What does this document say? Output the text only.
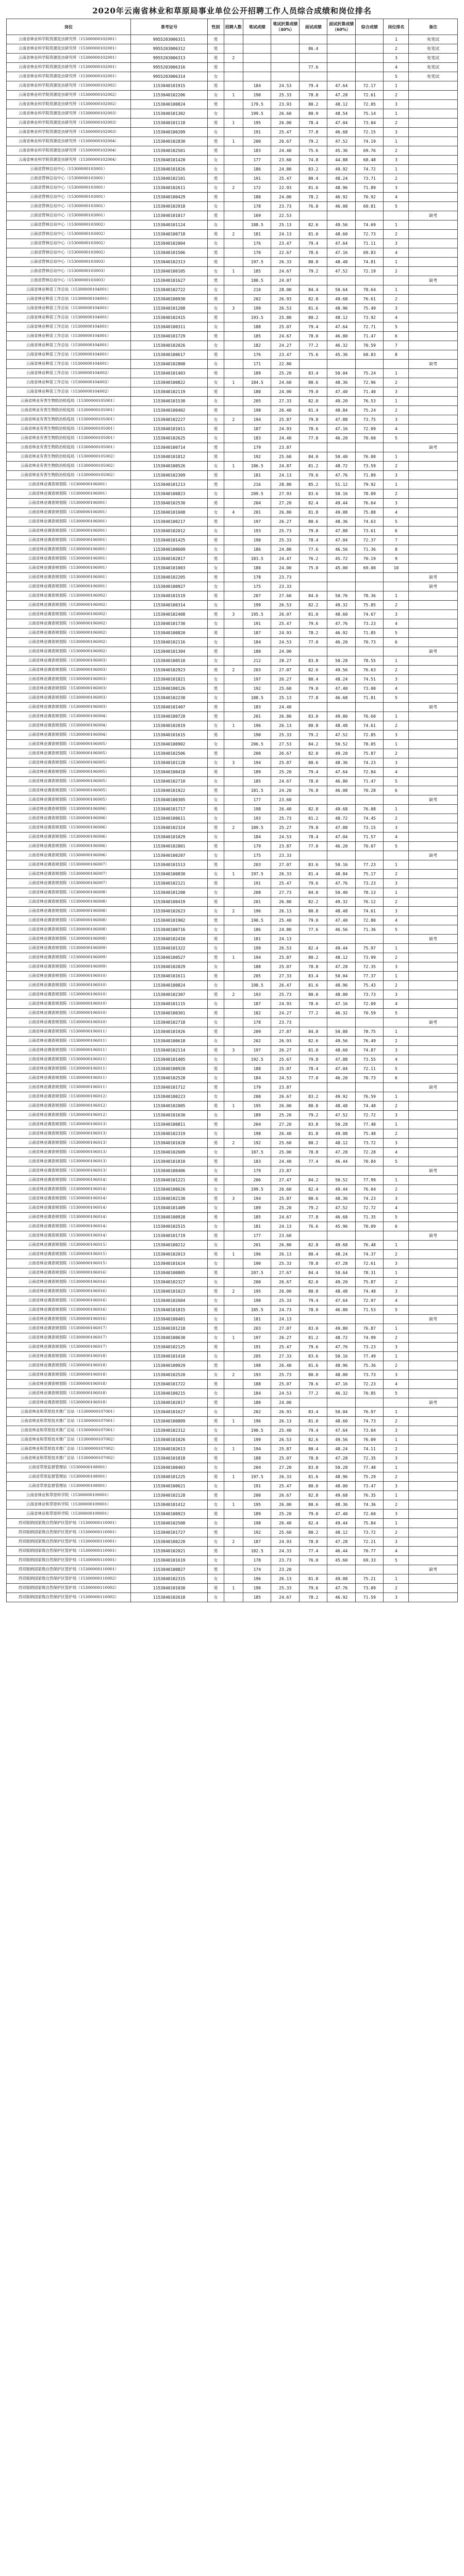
2020年云南省林业和草原局事业单位公开招聘工作人员综合成绩和岗位排名
岗位	准考证号	性别	招聘人数	笔试成绩	笔试折算成绩（40%）	面试成绩	面试折算成绩（60%）	综合成绩	岗位排名	备注
云南省林业科学院资源昆虫研究所（15300000102001）	9955203006311	男							1	免笔试
云南省林业科学院资源昆虫研究所（15300000102001）	9955203006312	男				86.4			2	免笔试
云南省林业科学院资源昆虫研究所（15300000102001）	9955203006313	男	2						3	免笔试
云南省林业科学院资源昆虫研究所（15300000102001）	9955203006316	男				77.6			4	免笔试
云南省林业科学院资源昆虫研究所（15300000102001）	9955203006314	女							5	免笔试
云南省林业科学院资源昆虫研究所（15300000102002）	1153040101915	男		184	24.53	79.4	47.64	72.17	1	
云南省林业科学院资源昆虫研究所（15300000102002）	1153040102206	女	1	190	25.33	78.8	47.28	72.61	2	
云南省林业科学院资源昆虫研究所（15300000102002）	1153040100824	男		179.5	23.93	80.2	48.12	72.05	3	
云南省林业科学院资源昆虫研究所（15300000102003）	1153040101302	女		199.5	26.60	80.9	48.54	75.14	1	
云南省林业科学院资源昆虫研究所（15300000102003）	1153040101118	男	1	195	26.00	78.4	47.04	73.04	2	
云南省林业科学院资源昆虫研究所（15300000102003）	1153040100209	女		191	25.47	77.8	46.68	72.15	3	
云南省林业科学院资源昆虫研究所（15300000102004）	1153040102830	男	1	200	26.67	79.2	47.52	74.19	1	
云南省林业科学院资源昆虫研究所（15300000102004）	1153040102501	男		183	24.40	75.6	45.36	69.76	2	
云南省林业科学院资源昆虫研究所（15300000102004）	1153040101420	女		177	23.60	74.8	44.88	68.48	3	
云南省营林总站中心（15300000103001）	1153040101826	女		186	24.80	83.2	49.92	74.72	1	
云南省营林总站中心（15300000103001）	1153040102101	男		191	25.47	80.4	48.24	73.71	2	
云南省营林总站中心（15300000103001）	1153040102611	女	2	172	22.93	81.6	48.96	71.89	3	
云南省营林总站中心（15300000103001）	1153040100429	男		180	24.00	78.2	46.92	70.92	4	
云南省营林总站中心（15300000103001）	1153040102918	女		178	23.73	76.8	46.08	69.81	5	
云南省营林总站中心（15300000103001）	1153040101017	男		169	22.53					缺考
云南省营林总站中心（15300000103002）	1153040101124	女		188.5	25.13	82.6	49.56	74.69	1	
云南省营林总站中心（15300000103002）	1153040100718	男	2	181	24.13	81.0	48.60	72.73	2	
云南省营林总站中心（15300000103002）	1153040102004	女		176	23.47	79.4	47.64	71.11	3	
云南省营林总站中心（15300000103002）	1153040101506	男		170	22.67	78.6	47.16	69.83	4	
云南省营林总站中心（15300000103003）	1153040102313	男		197.5	26.33	80.8	48.48	74.81	1	
云南省营林总站中心（15300000103003）	1153040100105	女	1	185	24.67	79.2	47.52	72.19	2	
云南省营林总站中心（15300000103003）	1153040101627	男		180.5	24.07					缺考
云南省林业种苗工作总站（15300000104001）	1153040102722	女		210	28.00	84.4	50.64	78.64	1	
云南省林业种苗工作总站（15300000104001）	1153040100930	男		202	26.93	82.8	49.68	76.61	2	
云南省林业种苗工作总站（15300000104001）	1153040101208	女	3	199	26.53	81.6	48.96	75.49	3	
云南省林业种苗工作总站（15300000104001）	1153040102415	男		193.5	25.80	80.2	48.12	73.92	4	
云南省林业种苗工作总站（15300000104001）	1153040100311	女		188	25.07	79.4	47.64	72.71	5	
云南省林业种苗工作总站（15300000104001）	1153040101729	男		185	24.67	78.0	46.80	71.47	6	
云南省林业种苗工作总站（15300000104001）	1153040102026	女		182	24.27	77.2	46.32	70.59	7	
云南省林业种苗工作总站（15300000104001）	1153040100617	男		176	23.47	75.6	45.36	68.83	8	
云南省林业种苗工作总站（15300000104001）	1153040102808	女		171	22.80					缺考
云南省林业种苗工作总站（15300000104002）	1153040101403	男		189	25.20	83.4	50.04	75.24	1	
云南省林业种苗工作总站（15300000104002）	1153040100822	女	1	184.5	24.60	80.6	48.36	72.96	2	
云南省林业种苗工作总站（15300000104002）	1153040102119	男		180	24.00	79.0	47.40	71.40	3	
云南省林业有害生物防治检疫局（15300000105001）	1153040101530	女		205	27.33	82.0	49.20	76.53	1	
云南省林业有害生物防治检疫局（15300000105001）	1153040100402	男		198	26.40	81.4	48.84	75.24	2	
云南省林业有害生物防治检疫局（15300000105001）	1153040102227	女	2	194	25.87	79.8	47.88	73.75	3	
云南省林业有害生物防治检疫局（15300000105001）	1153040101011	男		187	24.93	78.6	47.16	72.09	4	
云南省林业有害生物防治检疫局（15300000105001）	1153040102625	女		183	24.40	77.0	46.20	70.60	5	
云南省林业有害生物防治检疫局（15300000105001）	1153040100714	男		179	23.87					缺考
云南省林业有害生物防治检疫局（15300000105002）	1153040101812	男		192	25.60	84.0	50.40	76.00	1	
云南省林业有害生物防治检疫局（15300000105002）	1153040100526	女	1	186.5	24.87	81.2	48.72	73.59	2	
云南省林业有害生物防治检疫局（15300000105002）	1153040102309	男		181	24.13	79.6	47.76	71.89	3	
云南省林业调查规划院（15300000106001）	1153040101213	男		216	28.80	85.2	51.12	79.92	1	
云南省林业调查规划院（15300000106001）	1153040100823	女		209.5	27.93	83.6	50.16	78.09	2	
云南省林业调查规划院（15300000106001）	1153040102530	男		204	27.20	82.4	49.44	76.64	3	
云南省林业调查规划院（15300000106001）	1153040101608	女	4	201	26.80	81.8	49.08	75.88	4	
云南省林业调查规划院（15300000106001）	1153040100217	男		197	26.27	80.6	48.36	74.63	5	
云南省林业调查规划院（15300000106001）	1153040102012	女		193	25.73	79.8	47.88	73.61	6	
云南省林业调查规划院（15300000106001）	1153040101425	男		190	25.33	78.4	47.04	72.37	7	
云南省林业调查规划院（15300000106001）	1153040100609	女		186	24.80	77.6	46.56	71.36	8	
云南省林业调查规划院（15300000106001）	1153040102817	男		183.5	24.47	76.2	45.72	70.19	9	
云南省林业调查规划院（15300000106001）	1153040101003	女		180	24.00	75.0	45.00	69.00	10	
云南省林业调查规划院（15300000106001）	1153040102205	男		178	23.73					缺考
云南省林业调查规划院（15300000106001）	1153040100927	女		175	23.33					缺考
云南省林业调查规划院（15300000106002）	1153040101519	男		207	27.60	84.6	50.76	78.36	1	
云南省林业调查规划院（15300000106002）	1153040100314	女		199	26.53	82.2	49.32	75.85	2	
云南省林业调查规划院（15300000106002）	1153040102408	男	3	195.5	26.07	81.0	48.60	74.67	3	
云南省林业调查规划院（15300000106002）	1153040101730	女		191	25.47	79.6	47.76	73.23	4	
云南省林业调查规划院（15300000106002）	1153040100820	男		187	24.93	78.2	46.92	71.85	5	
云南省林业调查规划院（15300000106002）	1153040102116	女		184	24.53	77.0	46.20	70.73	6	
云南省林业调查规划院（15300000106002）	1153040101304	男		180	24.00					缺考
云南省林业调查规划院（15300000106003）	1153040100510	女		212	28.27	83.8	50.28	78.55	1	
云南省林业调查规划院（15300000106003）	1153040102923	男	2	203	27.07	82.6	49.56	76.63	2	
云南省林业调查规划院（15300000106003）	1153040101821	女		197	26.27	80.4	48.24	74.51	3	
云南省林业调查规划院（15300000106003）	1153040100126	男		192	25.60	79.0	47.40	73.00	4	
云南省林业调查规划院（15300000106003）	1153040102230	女		188.5	25.13	77.8	46.68	71.81	5	
云南省林业调查规划院（15300000106003）	1153040101407	男		183	24.40					缺考
云南省林业调查规划院（15300000106004）	1153040100728	男		201	26.80	83.0	49.80	76.60	1	
云南省林业调查规划院（15300000106004）	1153040102019	女	1	196	26.13	80.8	48.48	74.61	2	
云南省林业调查规划院（15300000106004）	1153040101615	男		190	25.33	79.2	47.52	72.85	3	
云南省林业调查规划院（15300000106005）	1153040100902	女		206.5	27.53	84.2	50.52	78.05	1	
云南省林业调查规划院（15300000106005）	1153040102506	男		200	26.67	82.0	49.20	75.87	2	
云南省林业调查规划院（15300000106005）	1153040101128	女	3	194	25.87	80.6	48.36	74.23	3	
云南省林业调查规划院（15300000106005）	1153040100418	男		189	25.20	79.4	47.64	72.84	4	
云南省林业调查规划院（15300000106005）	1153040102710	女		185	24.67	78.0	46.80	71.47	5	
云南省林业调查规划院（15300000106005）	1153040101922	男		181.5	24.20	76.8	46.08	70.28	6	
云南省林业调查规划院（15300000106005）	1153040100305	女		177	23.60					缺考
云南省林业调查规划院（15300000106006）	1153040101717	男		198	26.40	82.8	49.68	76.08	1	
云南省林业调查规划院（15300000106006）	1153040100611	女		193	25.73	81.2	48.72	74.45	2	
云南省林业调查规划院（15300000106006）	1153040102324	男	2	189.5	25.27	79.8	47.88	73.15	3	
云南省林业调查规划院（15300000106006）	1153040101029	女		184	24.53	78.4	47.04	71.57	4	
云南省林业调查规划院（15300000106006）	1153040102801	男		179	23.87	77.0	46.20	70.07	5	
云南省林业调查规划院（15300000106006）	1153040100207	女		175	23.33					缺考
云南省林业调查规划院（15300000106007）	1153040101513	男		203	27.07	83.6	50.16	77.23	1	
云南省林业调查规划院（15300000106007）	1153040100830	女	1	197.5	26.33	81.4	48.84	75.17	2	
云南省林业调查规划院（15300000106007）	1153040102121	男		191	25.47	79.6	47.76	73.23	3	
云南省林业调查规划院（15300000106008）	1153040101208	女		208	27.73	84.0	50.40	78.13	1	
云南省林业调查规划院（15300000106008）	1153040100419	男		201	26.80	82.2	49.32	76.12	2	
云南省林业调查规划院（15300000106008）	1153040102623	女	2	196	26.13	80.8	48.48	74.61	3	
云南省林业调查规划院（15300000106008）	1153040101902	男		190.5	25.40	79.0	47.40	72.80	4	
云南省林业调查规划院（15300000106008）	1153040100716	女		186	24.80	77.6	46.56	71.36	5	
云南省林业调查规划院（15300000106008）	1153040102410	男		181	24.13					缺考
云南省林业调查规划院（15300000106009）	1153040101322	女		199	26.53	82.4	49.44	75.97	1	
云南省林业调查规划院（15300000106009）	1153040100527	男	1	194	25.87	80.2	48.12	73.99	2	
云南省林业调查规划院（15300000106009）	1153040102029	女		188	25.07	78.8	47.28	72.35	3	
云南省林业调查规划院（15300000106010）	1153040101611	男		205	27.33	83.4	50.04	77.37	1	
云南省林业调查规划院（15300000106010）	1153040100824	女		198.5	26.47	81.6	48.96	75.43	2	
云南省林业调查规划院（15300000106010）	1153040102307	男	2	193	25.73	80.0	48.00	73.73	3	
云南省林业调查规划院（15300000106010）	1153040101115	女		187	24.93	78.6	47.16	72.09	4	
云南省林业调查规划院（15300000106010）	1153040100301	男		182	24.27	77.2	46.32	70.59	5	
云南省林业调查规划院（15300000106010）	1153040102718	女		178	23.73					缺考
云南省林业调查规划院（15300000106011）	1153040101926	男		209	27.87	84.8	50.88	78.75	1	
云南省林业调查规划院（15300000106011）	1153040100618	女		202	26.93	82.6	49.56	76.49	2	
云南省林业调查规划院（15300000106011）	1153040102114	男	3	197	26.27	81.0	48.60	74.87	3	
云南省林业调查规划院（15300000106011）	1153040101405	女		192.5	25.67	79.8	47.88	73.55	4	
云南省林业调查规划院（15300000106011）	1153040100920	男		188	25.07	78.4	47.04	72.11	5	
云南省林业调查规划院（15300000106011）	1153040102528	女		184	24.53	77.0	46.20	70.73	6	
云南省林业调查规划院（15300000106011）	1153040101712	男		179	23.87					缺考
云南省林业调查规划院（15300000106012）	1153040100223	女		200	26.67	83.2	49.92	76.59	1	
云南省林业调查规划院（15300000106012）	1153040102005	男	1	195	26.00	80.8	48.48	74.48	2	
云南省林业调查规划院（15300000106012）	1153040101630	女		189	25.20	79.2	47.52	72.72	3	
云南省林业调查规划院（15300000106013）	1153040100811	男		204	27.20	83.8	50.28	77.48	1	
云南省林业调查规划院（15300000106013）	1153040102319	女		198	26.40	81.8	49.08	75.48	2	
云南省林业调查规划院（15300000106013）	1153040101028	男	2	192	25.60	80.2	48.12	73.72	3	
云南省林业调查规划院（15300000106013）	1153040102609	女		187.5	25.00	78.8	47.28	72.28	4	
云南省林业调查规划院（15300000106013）	1153040101810	男		183	24.40	77.4	46.44	70.84	5	
云南省林业调查规划院（15300000106013）	1153040100406	女		179	23.87					缺考
云南省林业调查规划院（15300000106014）	1153040101221	男		206	27.47	84.2	50.52	77.99	1	
云南省林业调查规划院（15300000106014）	1153040100626	女		199.5	26.60	82.4	49.44	76.04	2	
云南省林业调查规划院（15300000106014）	1153040102130	男	3	194	25.87	80.6	48.36	74.23	3	
云南省林业调查规划院（15300000106014）	1153040101409	女		189	25.20	79.2	47.52	72.72	4	
云南省林业调查规划院（15300000106014）	1153040100928	男		185	24.67	77.8	46.68	71.35	5	
云南省林业调查规划院（15300000106014）	1153040102515	女		181	24.13	76.6	45.96	70.09	6	
云南省林业调查规划院（15300000106014）	1153040101719	男		177	23.60					缺考
云南省林业调查规划院（15300000106015）	1153040100212	女		201	26.80	82.8	49.68	76.48	1	
云南省林业调查规划院（15300000106015）	1153040102013	男	1	196	26.13	80.4	48.24	74.37	2	
云南省林业调查规划院（15300000106015）	1153040101624	女		190	25.33	78.8	47.28	72.61	3	
云南省林业调查规划院（15300000106016）	1153040100805	男		207.5	27.67	84.4	50.64	78.31	1	
云南省林业调查规划院（15300000106016）	1153040102327	女		200	26.67	82.0	49.20	75.87	2	
云南省林业调查规划院（15300000106016）	1153040101023	男	2	195	26.00	80.8	48.48	74.48	3	
云南省林业调查规划院（15300000106016）	1153040102604	女		190	25.33	79.4	47.64	72.97	4	
云南省林业调查规划院（15300000106016）	1153040101815	男		185.5	24.73	78.0	46.80	71.53	5	
云南省林业调查规划院（15300000106016）	1153040100401	女		181	24.13					缺考
云南省林业调查规划院（15300000106017）	1153040101218	男		203	27.07	83.0	49.80	76.87	1	
云南省林业调查规划院（15300000106017）	1153040100630	女	1	197	26.27	81.2	48.72	74.99	2	
云南省林业调查规划院（15300000106017）	1153040102125	男		191	25.47	79.6	47.76	73.23	3	
云南省林业调查规划院（15300000106018）	1153040101410	女		205	27.33	83.6	50.16	77.49	1	
云南省林业调查规划院（15300000106018）	1153040100929	男		198	26.40	81.6	48.96	75.36	2	
云南省林业调查规划院（15300000106018）	1153040102520	女	2	193	25.73	80.0	48.00	73.73	3	
云南省林业调查规划院（15300000106018）	1153040101722	男		188	25.07	78.6	47.16	72.23	4	
云南省林业调查规划院（15300000106018）	1153040100215	女		184	24.53	77.2	46.32	70.85	5	
云南省林业调查规划院（15300000106018）	1153040102017	男		180	24.00					缺考
云南省林业和草原技术推广总站（15300000107001）	1153040101627	女		202	26.93	83.4	50.04	76.97	1	
云南省林业和草原技术推广总站（15300000107001）	1153040100809	男	1	196	26.13	81.0	48.60	74.73	2	
云南省林业和草原技术推广总站（15300000107001）	1153040102312	女		190.5	25.40	79.4	47.64	73.04	3	
云南省林业和草原技术推广总站（15300000107002）	1153040101026	男		199	26.53	82.6	49.56	76.09	1	
云南省林业和草原技术推广总站（15300000107002）	1153040102613	女	1	194	25.87	80.4	48.24	74.11	2	
云南省林业和草原技术推广总站（15300000107002）	1153040101818	男		188	25.07	78.8	47.28	72.35	3	
云南省草原监督管理站（15300000108001）	1153040100403	女		204	27.20	83.8	50.28	77.48	1	
云南省草原监督管理站（15300000108001）	1153040101225	男	1	197.5	26.33	81.6	48.96	75.29	2	
云南省草原监督管理站（15300000108001）	1153040100621	女		191	25.47	80.0	48.00	73.47	3	
云南省林业和草原科学院（15300000109001）	1153040102128	男		200	26.67	82.8	49.68	76.35	1	
云南省林业和草原科学院（15300000109001）	1153040101412	女	1	195	26.00	80.6	48.36	74.36	2	
云南省林业和草原科学院（15300000109001）	1153040100923	男		189	25.20	79.0	47.40	72.60	3	
西双版纳国家级自然保护区管护局（15300000110001）	1153040102508	女		198	26.40	82.4	49.44	75.84	1	
西双版纳国家级自然保护区管护局（15300000110001）	1153040101727	男		192	25.60	80.2	48.12	73.72	2	
西双版纳国家级自然保护区管护局（15300000110001）	1153040100220	女	2	187	24.93	78.8	47.28	72.21	3	
西双版纳国家级自然保护区管护局（15300000110001）	1153040102021	男		182.5	24.33	77.4	46.44	70.77	4	
西双版纳国家级自然保护区管护局（15300000110001）	1153040101619	女		178	23.73	76.0	45.60	69.33	5	
西双版纳国家级自然保护区管护局（15300000110001）	1153040100827	男		174	23.20					缺考
西双版纳国家级自然保护区管护局（15300000110002）	1153040102315	女		196	26.13	81.8	49.08	75.21	1	
西双版纳国家级自然保护区管护局（15300000110002）	1153040101030	男	1	190	25.33	79.6	47.76	73.09	2	
西双版纳国家级自然保护区管护局（15300000110002）	1153040102618	女		185	24.67	78.2	46.92	71.59	3	
